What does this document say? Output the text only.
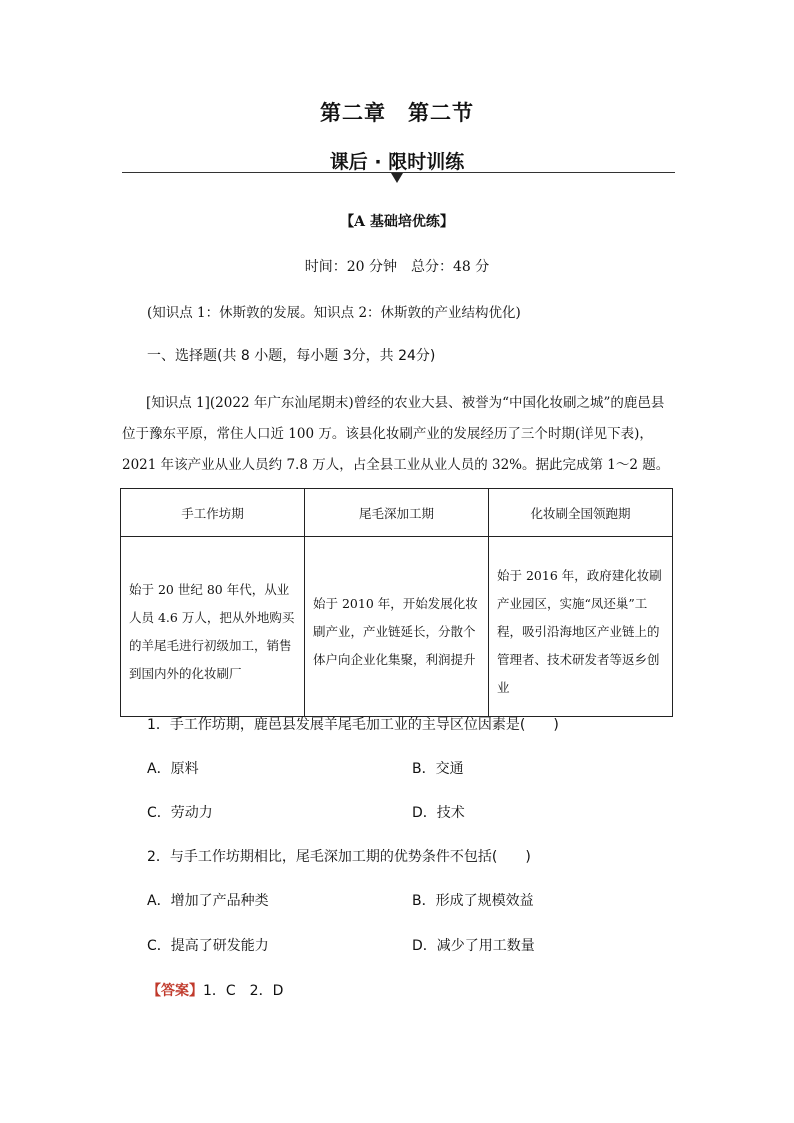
第二章　第二节
课后 · 限时训练
【A 基础培优练】
时间：20 分钟　总分：48 分
(知识点 1：休斯敦的发展。知识点 2：休斯敦的产业结构优化)
一、选择题(共 8 小题，每小题 3分，共 24分)
[知识点 1](2022 年广东汕尾期末)曾经的农业大县、被誉为“中国化妆刷之城”的鹿邑县位于豫东平原，常住人口近 100 万。该县化妆刷产业的发展经历了三个时期(详见下表)，2021 年该产业从业人员约 7.8 万人，占全县工业从业人员的 32%。据此完成第 1～2 题。
手工作坊期	尾毛深加工期	化妆刷全国领跑期
始于 20 世纪 80 年代，从业人员 4.6 万人，把从外地购买的羊尾毛进行初级加工，销售到国内外的化妆刷厂	始于 2010 年，开始发展化妆刷产业，产业链延长，分散个体户向企业化集聚，利润提升	始于 2016 年，政府建化妆刷产业园区，实施“凤还巢”工程，吸引沿海地区产业链上的管理者、技术研发者等返乡创业
1．手工作坊期，鹿邑县发展羊尾毛加工业的主导区位因素是(　　)
A．原料	B．交通
C．劳动力	D．技术
2．与手工作坊期相比，尾毛深加工期的优势条件不包括(　　)
A．增加了产品种类	B．形成了规模效益
C．提高了研发能力	D．减少了用工数量
【答案】1．C　2．D
